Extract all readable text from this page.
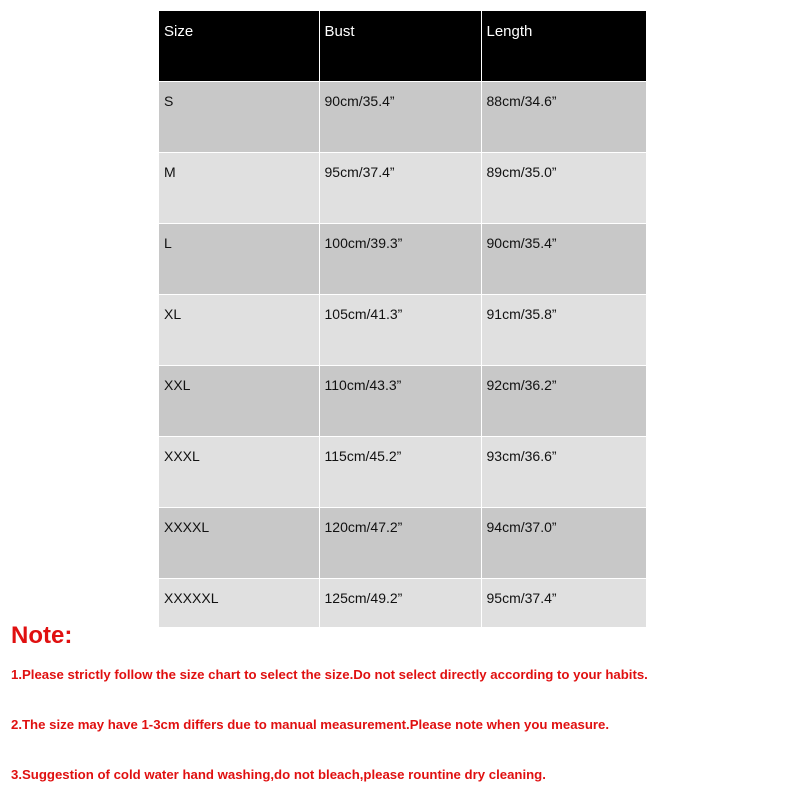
Size	Bust	Length
S	90cm/35.4”	88cm/34.6”
M	95cm/37.4”	89cm/35.0”
L	100cm/39.3”	90cm/35.4”
XL	105cm/41.3”	91cm/35.8”
XXL	110cm/43.3”	92cm/36.2”
XXXL	115cm/45.2”	93cm/36.6”
XXXXL	120cm/47.2”	94cm/37.0”
XXXXXL	125cm/49.2”	95cm/37.4”
Note:

1.Please strictly follow the size chart to select the size.Do not select directly according to your habits.

2.The size may have 1-3cm differs due to manual measurement.Please note when you measure.

3.Suggestion of cold water hand washing,do not bleach,please rountine dry cleaning.
